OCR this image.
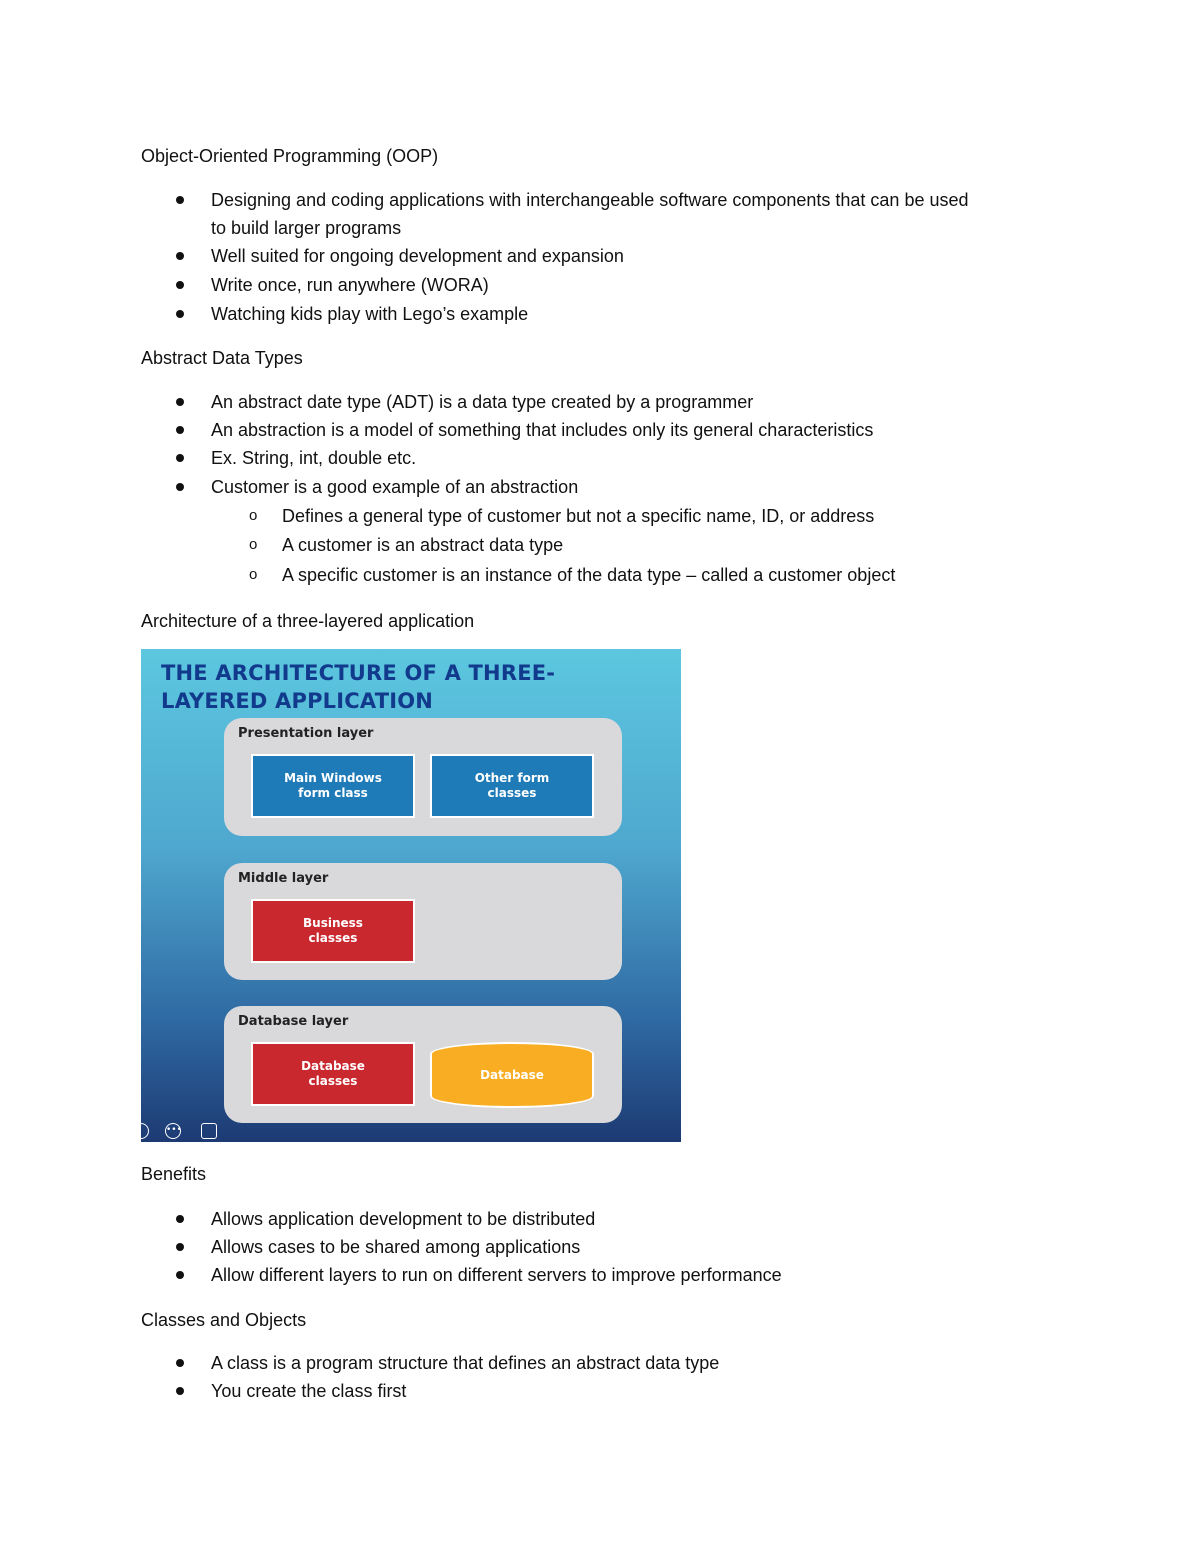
Object-Oriented Programming (OOP)
Designing and coding applications with interchangeable software components that can be used
to build larger programs
Well suited for ongoing development and expansion
Write once, run anywhere (WORA)
Watching kids play with Lego’s example
Abstract Data Types
An abstract date type (ADT) is a data type created by a programmer
An abstraction is a model of something that includes only its general characteristics
Ex. String, int, double etc.
Customer is a good example of an abstraction
o Defines a general type of customer but not a specific name, ID, or address
o A customer is an abstract data type
o A specific customer is an instance of the data type – called a customer object
Architecture of a three-layered application
THE ARCHITECTURE OF A THREE-LAYERED APPLICATION
Presentation layer
Main Windows
form class
Other form
classes
Middle layer
Business
classes
Database layer
Database
classes	Database
•••
Benefits
Allows application development to be distributed
Allows cases to be shared among applications
Allow different layers to run on different servers to improve performance
Classes and Objects
A class is a program structure that defines an abstract data type
You create the class first
